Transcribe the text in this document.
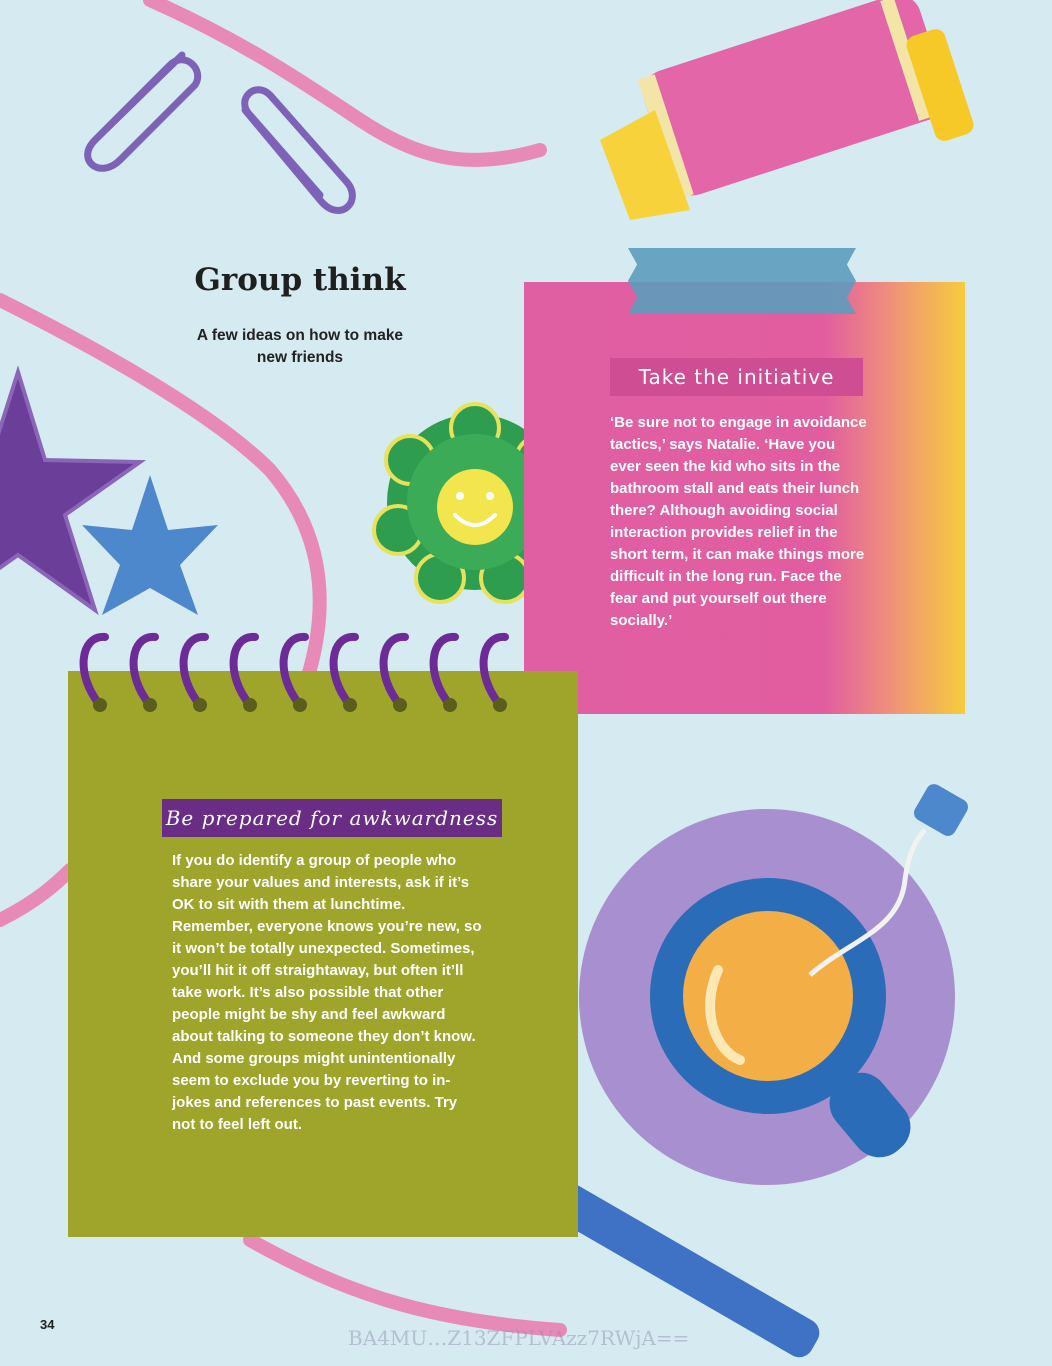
Take the initiative
‘Be sure not to engage in avoidance tactics,’ says Natalie. ‘Have you ever seen the kid who sits in the bathroom stall and eats their lunch there? Although avoiding social interaction provides relief in the short term, it can make things more difficult in the long run. Face the fear and put yourself out there socially.’
Be prepared for awkwardness
If you do identify a group of people who share your values and interests, ask if it’s OK to sit with them at lunchtime. Remember, everyone knows you’re new, so it won’t be totally unexpected. Sometimes, you’ll hit it off straightaway, but often it’ll take work. It’s also possible that other people might be shy and feel awkward about talking to someone they don’t know. And some groups might unintentionally seem to exclude you by reverting to in-jokes and references to past events. Try not to feel left out.
Group think
A few ideas on how to make new friends
34
BA4MU…Z13ZFPLVAzz7RWjA==
